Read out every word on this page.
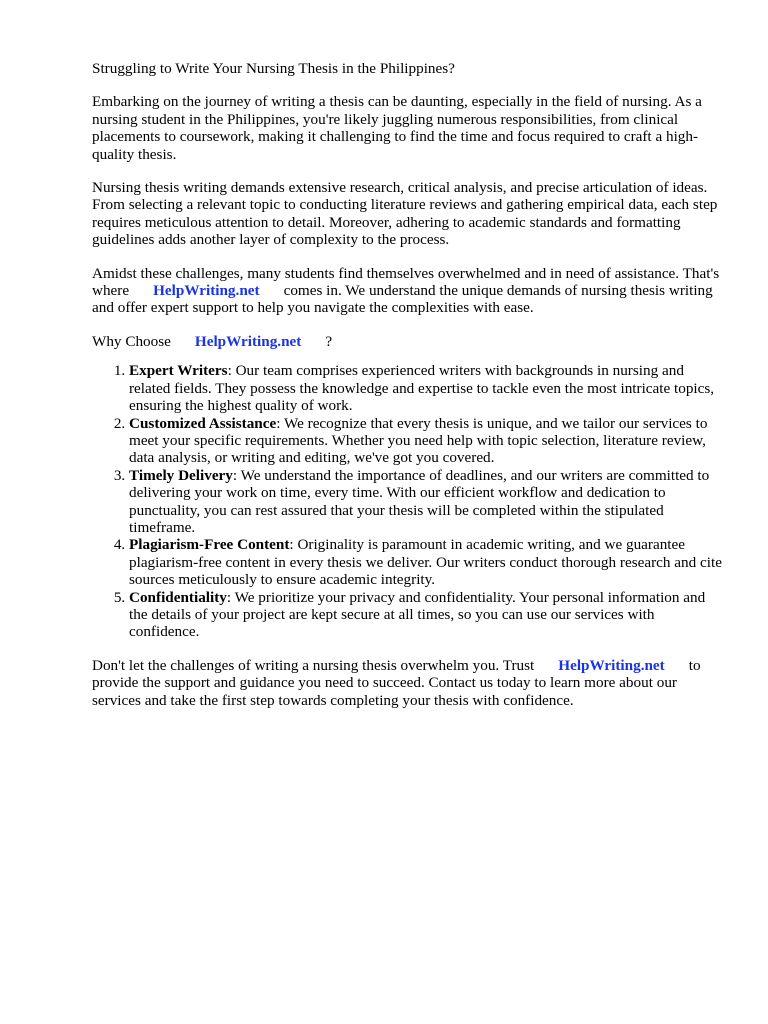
Struggling to Write Your Nursing Thesis in the Philippines?

Embarking on the journey of writing a thesis can be daunting, especially in the field of nursing. As a nursing student in the Philippines, you're likely juggling numerous responsibilities, from clinical placements to coursework, making it challenging to find the time and focus required to craft a high-quality thesis.

Nursing thesis writing demands extensive research, critical analysis, and precise articulation of ideas. From selecting a relevant topic to conducting literature reviews and gathering empirical data, each step requires meticulous attention to detail. Moreover, adhering to academic standards and formatting guidelines adds another layer of complexity to the process.

Amidst these challenges, many students find themselves overwhelmed and in need of assistance. That's where HelpWriting.net comes in. We understand the unique demands of nursing thesis writing and offer expert support to help you navigate the complexities with ease.

Why Choose HelpWriting.net ?
1. Expert Writers: Our team comprises experienced writers with backgrounds in nursing and related fields. They possess the knowledge and expertise to tackle even the most intricate topics, ensuring the highest quality of work.
2. Customized Assistance: We recognize that every thesis is unique, and we tailor our services to meet your specific requirements. Whether you need help with topic selection, literature review, data analysis, or writing and editing, we've got you covered.
3. Timely Delivery: We understand the importance of deadlines, and our writers are committed to delivering your work on time, every time. With our efficient workflow and dedication to punctuality, you can rest assured that your thesis will be completed within the stipulated timeframe.
4. Plagiarism-Free Content: Originality is paramount in academic writing, and we guarantee plagiarism-free content in every thesis we deliver. Our writers conduct thorough research and cite sources meticulously to ensure academic integrity.
5. Confidentiality: We prioritize your privacy and confidentiality. Your personal information and the details of your project are kept secure at all times, so you can use our services with confidence.

Don't let the challenges of writing a nursing thesis overwhelm you. Trust HelpWriting.net to provide the support and guidance you need to succeed. Contact us today to learn more about our services and take the first step towards completing your thesis with confidence.
